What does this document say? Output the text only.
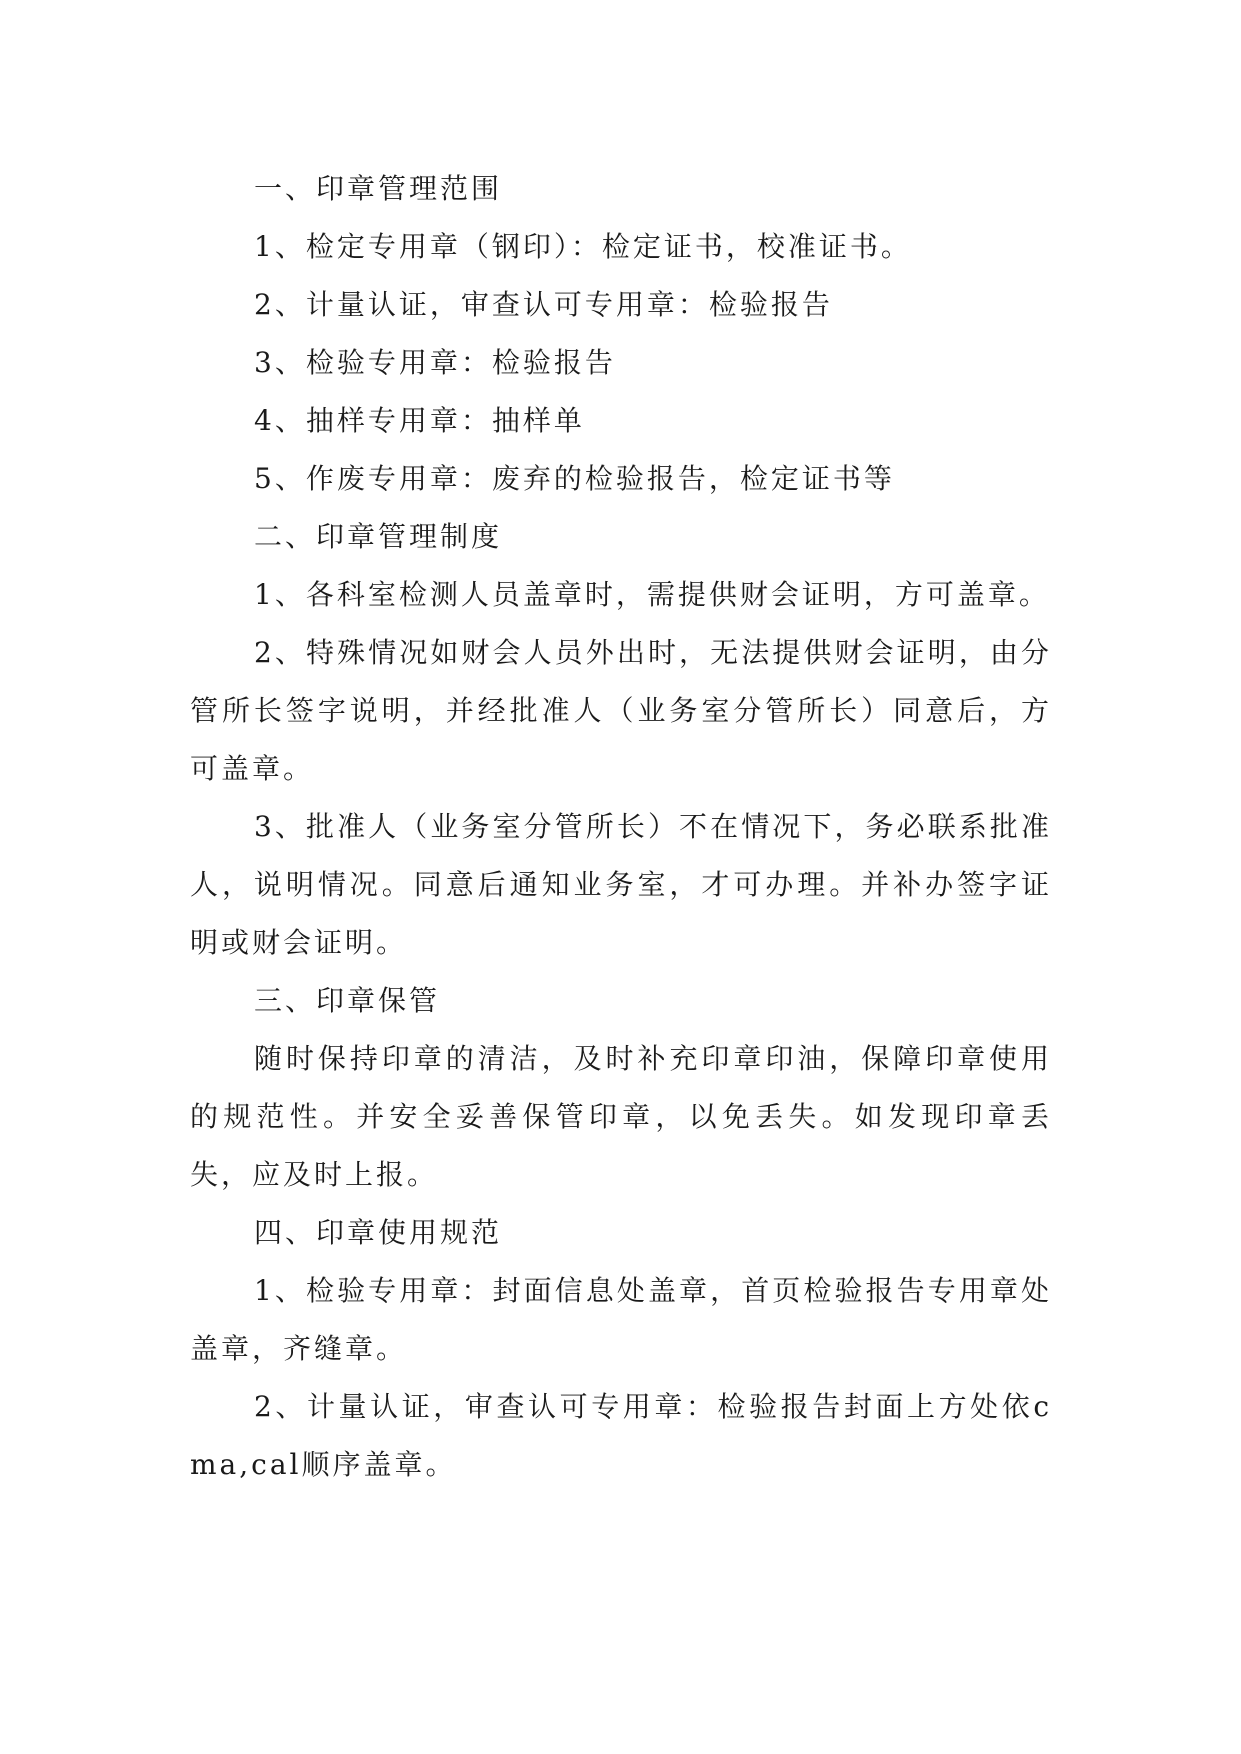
一、印章管理范围

1、检定专用章（钢印）：检定证书，校准证书。

2、计量认证，审查认可专用章：检验报告

3、检验专用章：检验报告

4、抽样专用章：抽样单

5、作废专用章：废弃的检验报告，检定证书等

二、印章管理制度

1、各科室检测人员盖章时，需提供财会证明，方可盖章。

2、特殊情况如财会人员外出时，无法提供财会证明，由分管所长签字说明，并经批准人（业务室分管所长）同意后，方可盖章。

3、批准人（业务室分管所长）不在情况下，务必联系批准人，说明情况。同意后通知业务室，才可办理。并补办签字证明或财会证明。

三、印章保管

随时保持印章的清洁，及时补充印章印油，保障印章使用的规范性。并安全妥善保管印章，以免丢失。如发现印章丢失，应及时上报。

四、印章使用规范

1、检验专用章：封面信息处盖章，首页检验报告专用章处盖章，齐缝章。

2、计量认证，审查认可专用章：检验报告封面上方处依cma,cal顺序盖章。
